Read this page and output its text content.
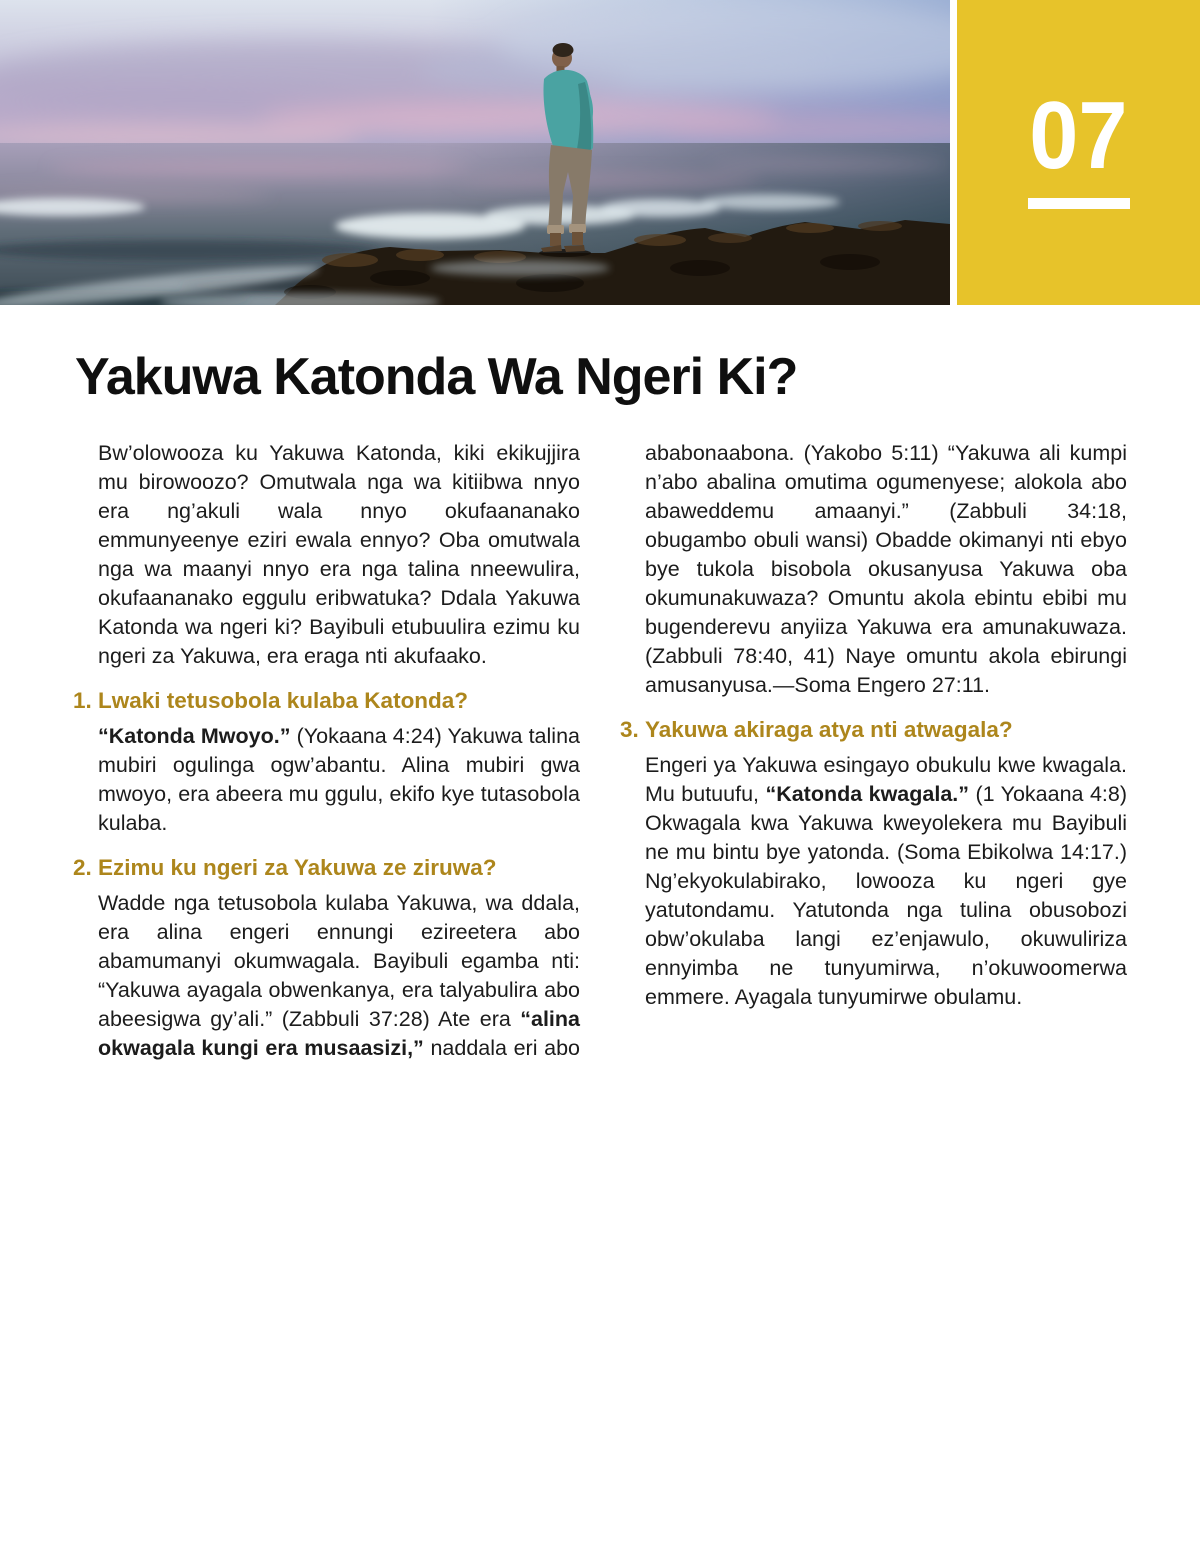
07
Yakuwa Katonda Wa Ngeri Ki?

Bw’olowooza ku Yakuwa Katonda, kiki ekikujjira mu birowoozo? Omutwala nga wa kitiibwa nnyo era ng’akuli wala nnyo okufaananako emmunyeenye eziri ewala ennyo? Oba omutwala nga wa maanyi nnyo era nga talina nneewulira, okufaananako eggulu eribwatuka? Ddala Yakuwa Katonda wa ngeri ki? Bayibuli etubuulira ezimu ku ngeri za Yakuwa, era eraga nti akufaako.

1. Lwaki tetusobola kulaba Katonda?

“Katonda Mwoyo.” (Yokaana 4:24) Yakuwa talina mubiri ogulinga ogw’abantu. Alina mubiri gwa mwoyo, era abeera mu ggulu, ekifo kye tutasobola kulaba.

2. Ezimu ku ngeri za Yakuwa ze ziruwa?

Wadde nga tetusobola kulaba Yakuwa, wa ddala, era alina engeri ennungi ezireetera abo abamumanyi okumwagala. Bayibuli egamba nti: “Yakuwa ayagala obwenkanya, era talyabulira abo abeesigwa gy’ali.” (Zabbuli 37:28) Ate era “alina okwagala kungi era musaasizi,” naddala eri abo ababonaabona. (Yakobo 5:11) “Yakuwa ali kumpi n’abo abalina omutima ogumenyese; alokola abo abaweddemu amaanyi.” (Zabbuli 34:18, obugambo obuli wansi) Obadde okimanyi nti ebyo bye tukola bisobola okusanyusa Yakuwa oba okumunakuwaza? Omuntu akola ebintu ebibi mu bugenderevu anyiiza Yakuwa era amunakuwaza. (Zabbuli 78:40, 41) Naye omuntu akola ebirungi amusanyusa.—Soma Engero 27:11.

3. Yakuwa akiraga atya nti atwagala?

Engeri ya Yakuwa esingayo obukulu kwe kwagala. Mu butuufu, “Katonda kwagala.” (1 Yokaana 4:8) Okwagala kwa Yakuwa kweyolekera mu Bayibuli ne mu bintu bye yatonda. (Soma Ebikolwa 14:17.) Ng’ekyokulabirako, lowooza ku ngeri gye yatutondamu. Yatutonda nga tulina obusobozi obw’okulaba langi ez’enjawulo, okuwuliriza ennyimba ne tunyumirwa, n’okuwoomerwa emmere. Ayagala tunyumirwe obulamu.
